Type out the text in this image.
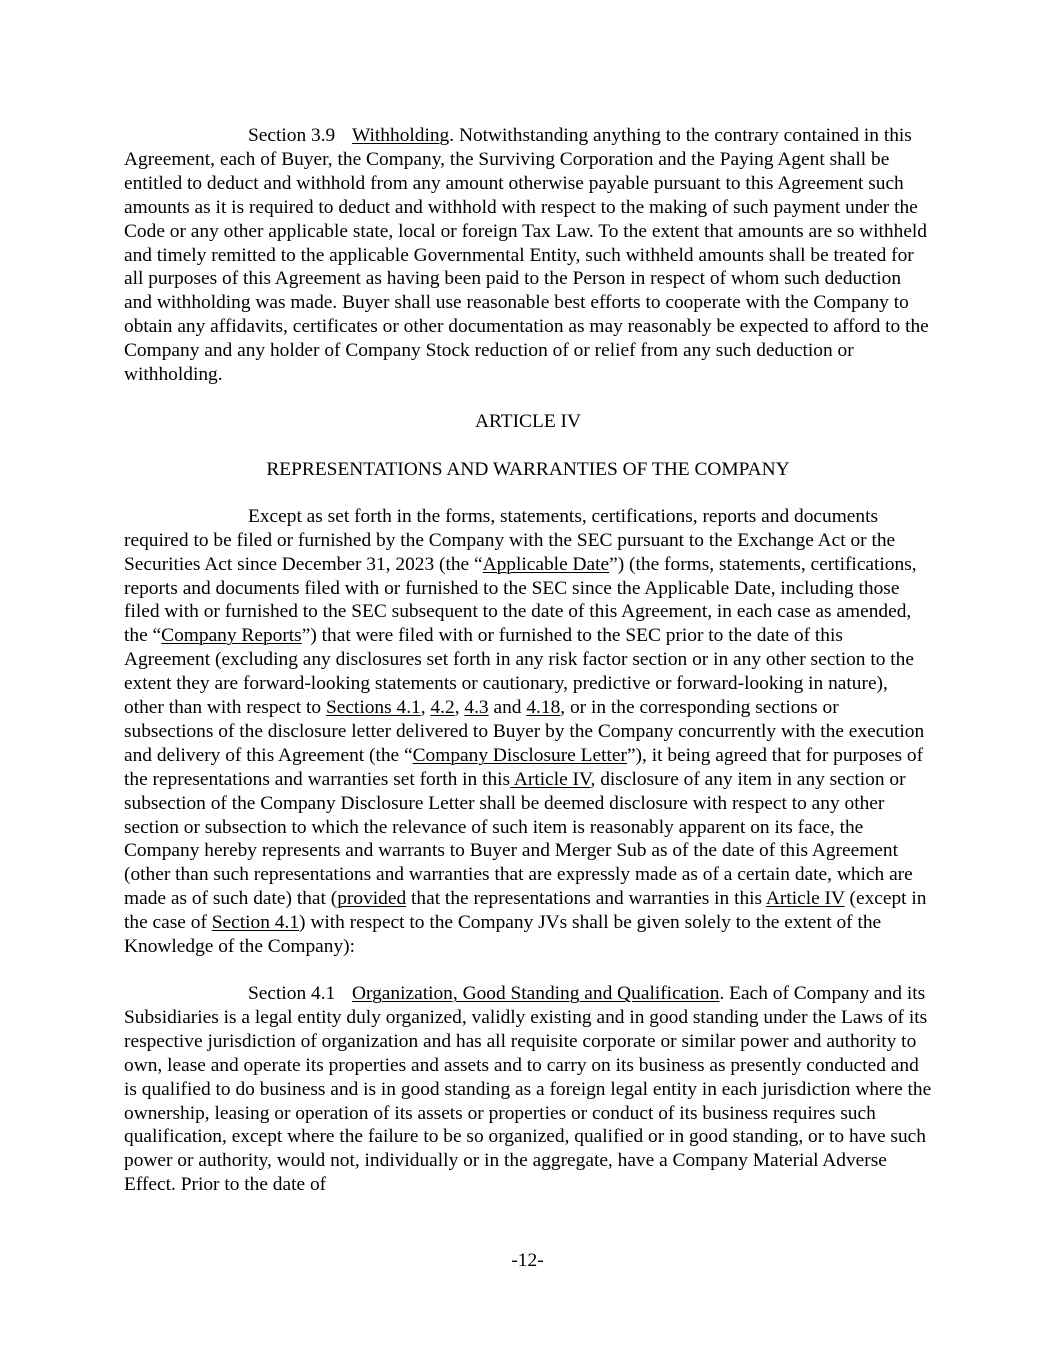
Section 3.9 Withholding. Notwithstanding anything to the contrary contained in this Agreement, each of Buyer, the Company, the Surviving Corporation and the Paying Agent shall be entitled to deduct and withhold from any amount otherwise payable pursuant to this Agreement such amounts as it is required to deduct and withhold with respect to the making of such payment under the Code or any other applicable state, local or foreign Tax Law. To the extent that amounts are so withheld and timely remitted to the applicable Governmental Entity, such withheld amounts shall be treated for all purposes of this Agreement as having been paid to the Person in respect of whom such deduction and withholding was made. Buyer shall use reasonable best efforts to cooperate with the Company to obtain any affidavits, certificates or other documentation as may reasonably be expected to afford to the Company and any holder of Company Stock reduction of or relief from any such deduction or withholding.

ARTICLE IV

REPRESENTATIONS AND WARRANTIES OF THE COMPANY

Except as set forth in the forms, statements, certifications, reports and documents required to be filed or furnished by the Company with the SEC pursuant to the Exchange Act or the Securities Act since December 31, 2023 (the “Applicable Date”) (the forms, statements, certifications, reports and documents filed with or furnished to the SEC since the Applicable Date, including those filed with or furnished to the SEC subsequent to the date of this Agreement, in each case as amended, the “Company Reports”) that were filed with or furnished to the SEC prior to the date of this Agreement (excluding any disclosures set forth in any risk factor section or in any other section to the extent they are forward-looking statements or cautionary, predictive or forward-looking in nature), other than with respect to Sections 4.1, 4.2, 4.3 and 4.18, or in the corresponding sections or subsections of the disclosure letter delivered to Buyer by the Company concurrently with the execution and delivery of this Agreement (the “Company Disclosure Letter”), it being agreed that for purposes of the representations and warranties set forth in this Article IV, disclosure of any item in any section or subsection of the Company Disclosure Letter shall be deemed disclosure with respect to any other section or subsection to which the relevance of such item is reasonably apparent on its face, the Company hereby represents and warrants to Buyer and Merger Sub as of the date of this Agreement (other than such representations and warranties that are expressly made as of a certain date, which are made as of such date) that (provided that the representations and warranties in this Article IV (except in the case of Section 4.1) with respect to the Company JVs shall be given solely to the extent of the Knowledge of the Company):

Section 4.1 Organization, Good Standing and Qualification. Each of Company and its Subsidiaries is a legal entity duly organized, validly existing and in good standing under the Laws of its respective jurisdiction of organization and has all requisite corporate or similar power and authority to own, lease and operate its properties and assets and to carry on its business as presently conducted and is qualified to do business and is in good standing as a foreign legal entity in each jurisdiction where the ownership, leasing or operation of its assets or properties or conduct of its business requires such qualification, except where the failure to be so organized, qualified or in good standing, or to have such power or authority, would not, individually or in the aggregate, have a Company Material Adverse Effect. Prior to the date of

-12-
